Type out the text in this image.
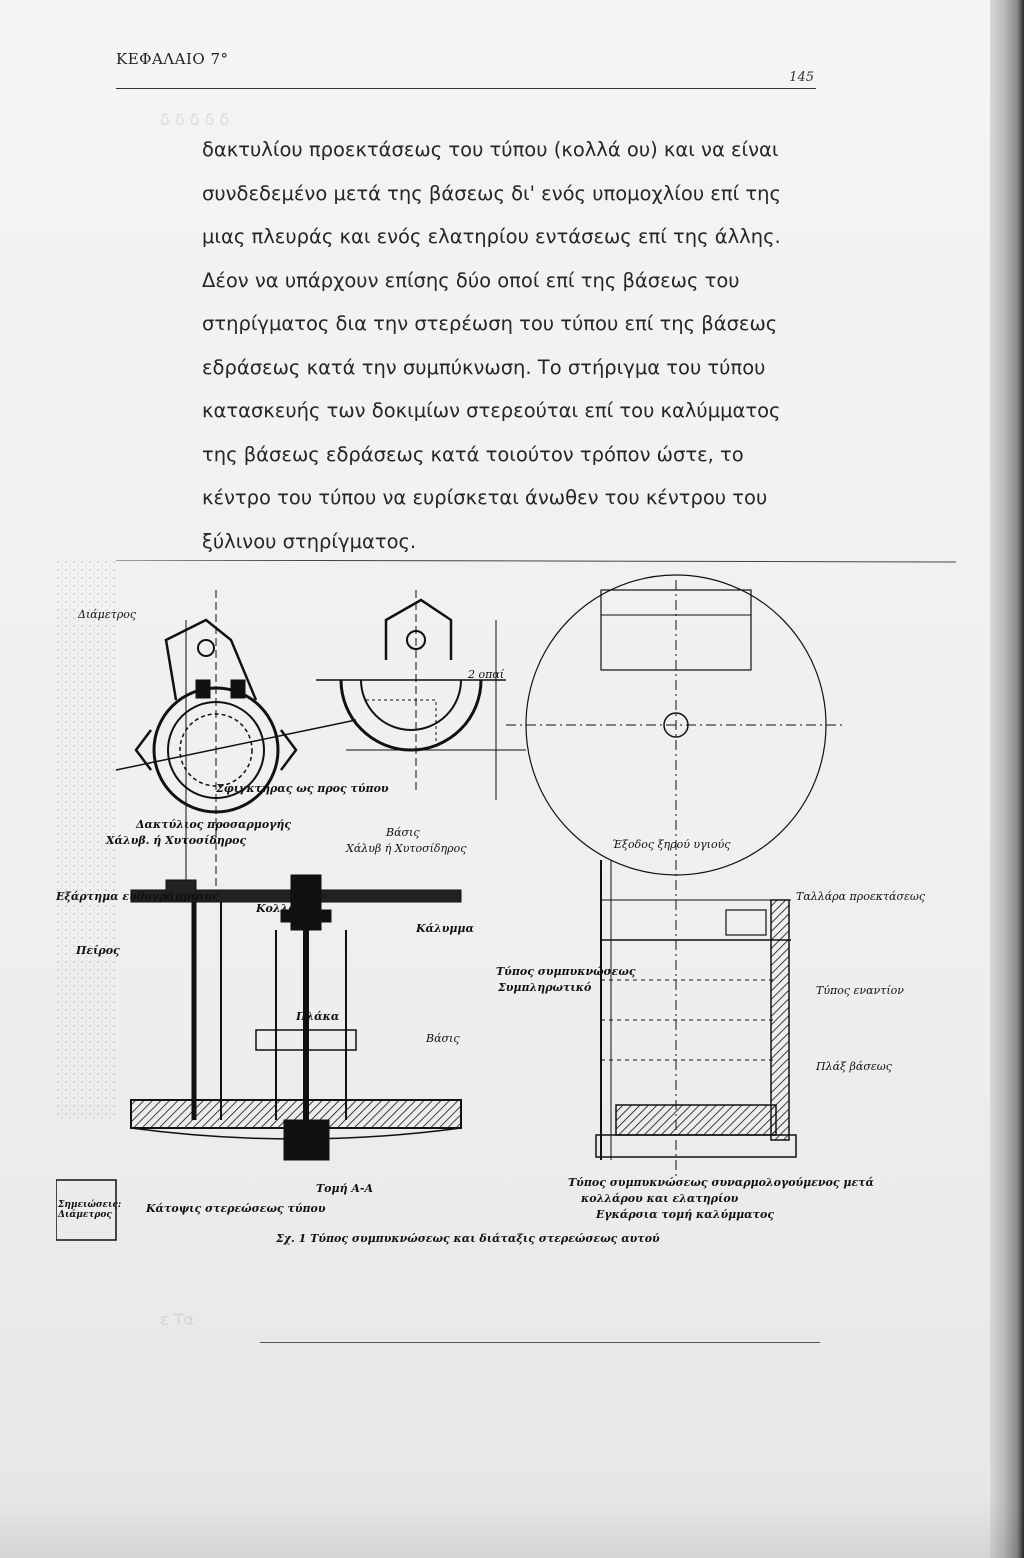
δ δ δ δ δ
ε Τα
ΚΕΦΑΛΑΙΟ 7°
145

δακτυλίου προεκτάσεως του τύπου (κολλά ου) και να είναι
συνδεδεμένο μετά της βάσεως δι' ενός υπομοχλίου επί της
μιας πλευράς και ενός ελατηρίου εντάσεως επί της άλλης.
Δέον να υπάρχουν επίσης δύο οποί επί της βάσεως του
στηρίγματος δια την στερέωση του τύπου επί της βάσεως
εδράσεως κατά την συμπύκνωση. Το στήριγμα του τύπου
κατασκευής των δοκιμίων στερεούται επί του καλύμματος
της βάσεως εδράσεως κατά τοιούτον τρόπον ώστε, το
κέντρο του τύπου να ευρίσκεται άνωθεν του κέντρου του
ξύλινου στηρίγματος.

Διάμετρος
2 οπαί
Σφιγκτήρας ως προς τύπου
Δακτύλιος προσαρμογής
Χάλυβ. ή Χυτοσίδηρος
Βάσις
Χάλυβ ή Χυτοσίδηρος	Έξοδος ξηρού υγιούς
Εξάρτημα ευθυγράμμισης
Κολλάς
Κάλυμμα
Πείρος
Τύπος συμπυκνώσεως
Συμπληρωτικό
Πλάκα
Βάσις
Τομή Α-Α
Κάτοψις στερεώσεως τύπου
Σχ. 1 Τύπος συμπυκνώσεως και διάταξις στερεώσεως αυτού
Ταλλάρα προεκτάσεως
Τύπος εναντίον
Πλάξ βάσεως
Τύπος συμπυκνώσεως συναρμολογούμενος μετά
κολλάρου και ελατηρίου
Εγκάρσια τομή καλύμματος
Σημειώσεις: Διάμετρος
